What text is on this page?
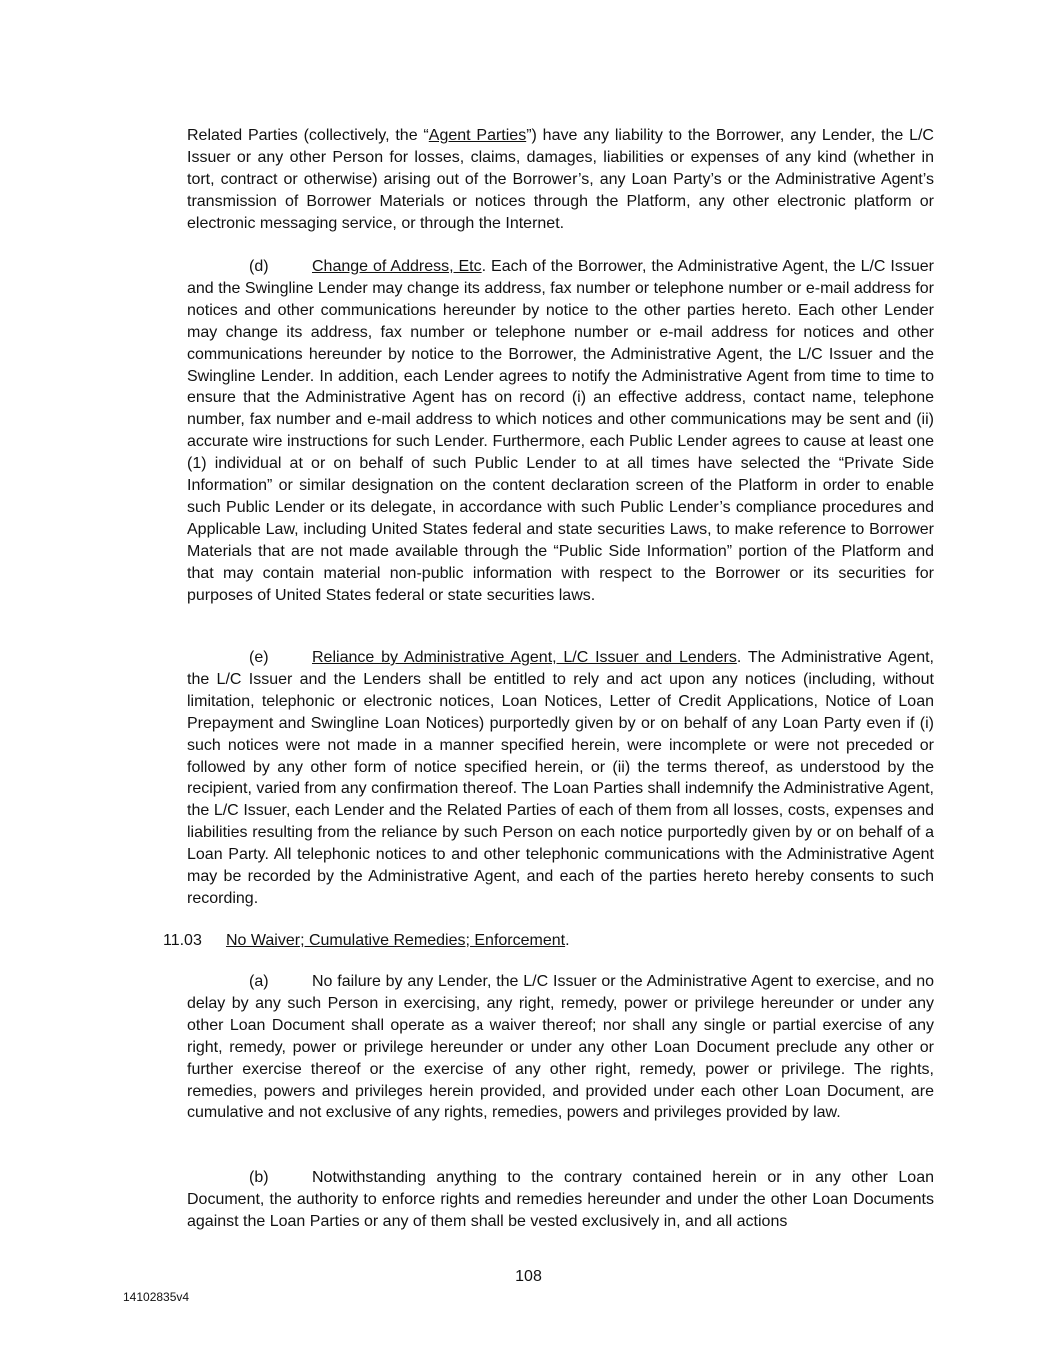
Related Parties (collectively, the “Agent Parties”) have any liability to the Borrower, any Lender, the L/C Issuer or any other Person for losses, claims, damages, liabilities or expenses of any kind (whether in tort, contract or otherwise) arising out of the Borrower’s, any Loan Party’s or the Administrative Agent’s transmission of Borrower Materials or notices through the Platform, any other electronic platform or electronic messaging service, or through the Internet.

(d)	Change of Address, Etc. Each of the Borrower, the Administrative Agent, the L/C Issuer and the Swingline Lender may change its address, fax number or telephone number or e-mail address for notices and other communications hereunder by notice to the other parties hereto. Each other Lender may change its address, fax number or telephone number or e-mail address for notices and other communications hereunder by notice to the Borrower, the Administrative Agent, the L/C Issuer and the Swingline Lender. In addition, each Lender agrees to notify the Administrative Agent from time to time to ensure that the Administrative Agent has on record (i) an effective address, contact name, telephone number, fax number and e-mail address to which notices and other communications may be sent and (ii) accurate wire instructions for such Lender. Furthermore, each Public Lender agrees to cause at least one (1) individual at or on behalf of such Public Lender to at all times have selected the “Private Side Information” or similar designation on the content declaration screen of the Platform in order to enable such Public Lender or its delegate, in accordance with such Public Lender’s compliance procedures and Applicable Law, including United States federal and state securities Laws, to make reference to Borrower Materials that are not made available through the “Public Side Information” portion of the Platform and that may contain material non-public information with respect to the Borrower or its securities for purposes of United States federal or state securities laws.

(e)	Reliance by Administrative Agent, L/C Issuer and Lenders. The Administrative Agent, the L/C Issuer and the Lenders shall be entitled to rely and act upon any notices (including, without limitation, telephonic or electronic notices, Loan Notices, Letter of Credit Applications, Notice of Loan Prepayment and Swingline Loan Notices) purportedly given by or on behalf of any Loan Party even if (i) such notices were not made in a manner specified herein, were incomplete or were not preceded or followed by any other form of notice specified herein, or (ii) the terms thereof, as understood by the recipient, varied from any confirmation thereof. The Loan Parties shall indemnify the Administrative Agent, the L/C Issuer, each Lender and the Related Parties of each of them from all losses, costs, expenses and liabilities resulting from the reliance by such Person on each notice purportedly given by or on behalf of a Loan Party. All telephonic notices to and other telephonic communications with the Administrative Agent may be recorded by the Administrative Agent, and each of the parties hereto hereby consents to such recording.

11.03 No Waiver; Cumulative Remedies; Enforcement.

(a)	No failure by any Lender, the L/C Issuer or the Administrative Agent to exercise, and no delay by any such Person in exercising, any right, remedy, power or privilege hereunder or under any other Loan Document shall operate as a waiver thereof; nor shall any single or partial exercise of any right, remedy, power or privilege hereunder or under any other Loan Document preclude any other or further exercise thereof or the exercise of any other right, remedy, power or privilege. The rights, remedies, powers and privileges herein provided, and provided under each other Loan Document, are cumulative and not exclusive of any rights, remedies, powers and privileges provided by law.

(b)	Notwithstanding anything to the contrary contained herein or in any other Loan Document, the authority to enforce rights and remedies hereunder and under the other Loan Documents against the Loan Parties or any of them shall be vested exclusively in, and all actions

108
14102835v4
